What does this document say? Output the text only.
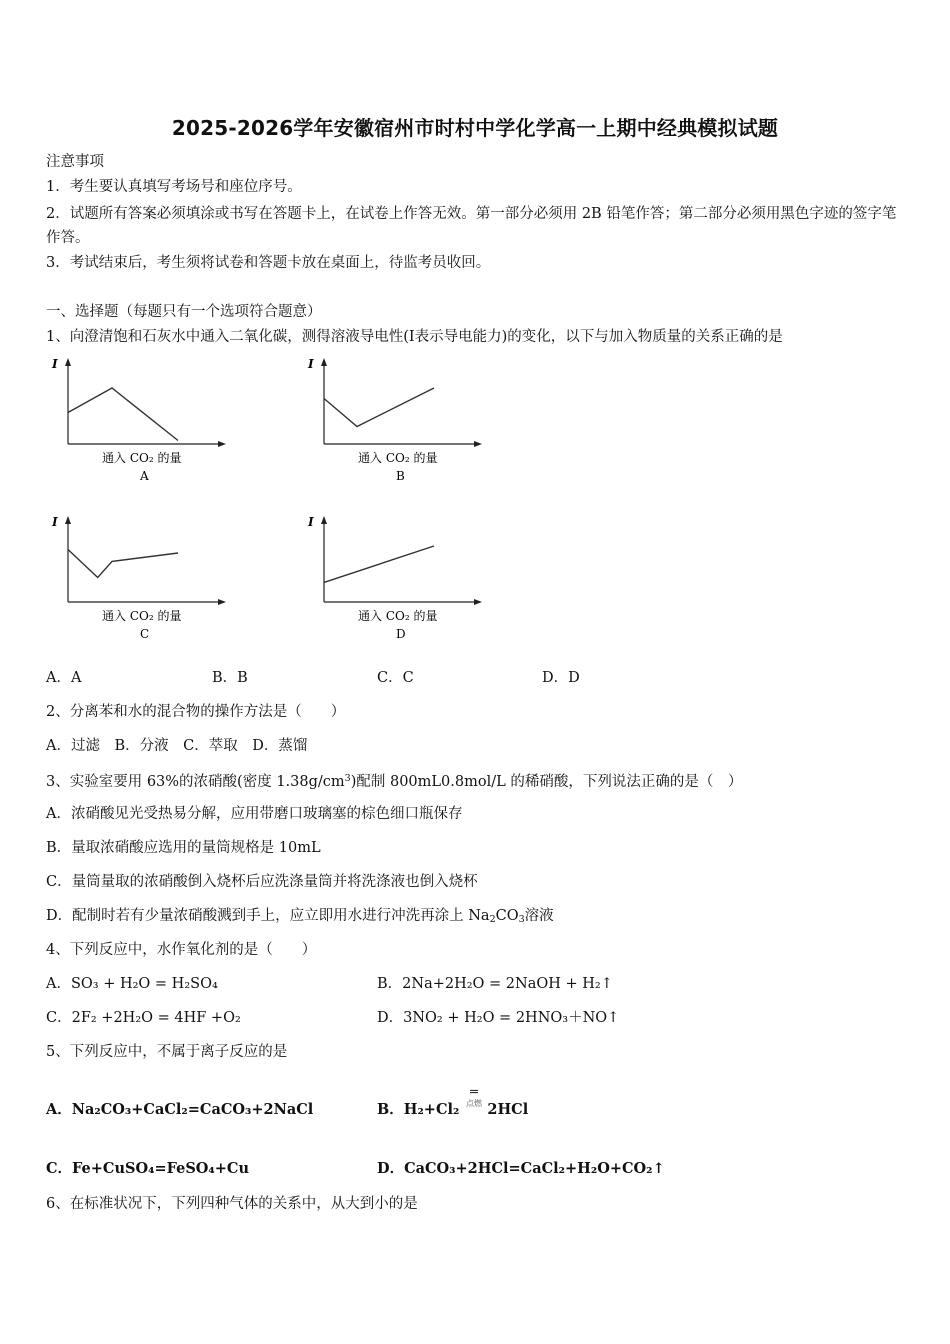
2025-2026学年安徽宿州市时村中学化学高一上期中经典模拟试题
注意事项
1．考生要认真填写考场号和座位序号。
2．试题所有答案必须填涂或书写在答题卡上，在试卷上作答无效。第一部分必须用 2B 铅笔作答；第二部分必须用黑色字迹的签字笔作答。
3．考试结束后，考生须将试卷和答题卡放在桌面上，待监考员收回。
一、选择题（每题只有一个选项符合题意）
1、向澄清饱和石灰水中通入二氧化碳，测得溶液导电性(I表示导电能力)的变化，以下与加入物质量的关系正确的是
I
通入 CO₂ 的量
A
I
通入 CO₂ 的量
B
I
通入 CO₂ 的量
C
I
通入 CO₂ 的量
D
A．A	B．B	C．C	D．D
2、分离苯和水的混合物的操作方法是（　　）
A．过滤　B．分液　C．萃取　D．蒸馏
3、实验室要用 63%的浓硝酸(密度 $1.38g/cm^3$)配制 800mL0.8mol/L 的稀硝酸，下列说法正确的是（　）
A．浓硝酸见光受热易分解，应用带磨口玻璃塞的棕色细口瓶保存
B．量取浓硝酸应选用的量筒规格是 10mL
C．量筒量取的浓硝酸倒入烧杯后应洗涤量筒并将洗涤液也倒入烧杯
D．配制时若有少量浓硝酸溅到手上，应立即用水进行冲洗再涂上 $Na_2CO_3$溶液
4、下列反应中，水作氧化剂的是（　　）
A．SO₃ + H₂O = H₂SO₄	B．2Na+2H₂O = 2NaOH + H₂↑
C．2F₂ +2H₂O = 4HF +O₂	D．3NO₂ + H₂O = 2HNO₃＋NO↑
5、下列反应中，不属于离子反应的是
A．Na₂CO₃+CaCl₂=CaCO₃+2NaCl	B．H₂+Cl₂ 2HCl
═
点燃
C．Fe+CuSO₄=FeSO₄+Cu	D．CaCO₃+2HCl=CaCl₂+H₂O+CO₂↑
6、在标准状况下，下列四种气体的关系中，从大到小的是
